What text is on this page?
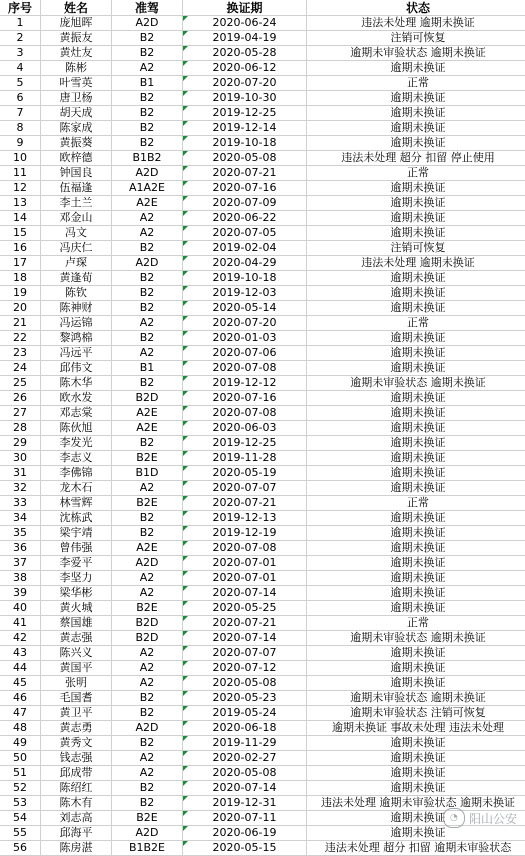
序号	姓名	准驾	换证期	状态
1	庞旭晖	A2D	2020-06-24	违法未处理 逾期未换证
2	黄振友	B2	2019-04-19	注销可恢复
3	黄灶友	B2	2020-05-28	逾期未审验状态 逾期未换证
4	陈彬	A2	2020-06-12	逾期未换证
5	叶雪英	B1	2020-07-20	正常
6	唐卫杨	B2	2019-10-30	逾期未换证
7	胡天成	B2	2019-12-25	逾期未换证
8	陈家成	B2	2019-12-14	逾期未换证
9	黄振葵	B2	2019-10-18	逾期未换证
10	欧梓德	B1B2	2020-05-08	违法未处理 超分 扣留 停止使用
11	钟国良	A2D	2020-07-21	正常
12	伍福逢	A1A2E	2020-07-16	逾期未换证
13	李土兰	A2E	2020-07-09	逾期未换证
14	邓金山	A2	2020-06-22	逾期未换证
15	冯文	A2	2020-07-05	逾期未换证
16	冯庆仁	B2	2019-02-04	注销可恢复
17	卢琛	A2D	2020-04-29	违法未处理 逾期未换证
18	黄逢荀	B2	2019-10-18	逾期未换证
19	陈钦	B2	2019-12-03	逾期未换证
20	陈神财	B2	2020-05-14	逾期未换证
21	冯运锦	A2	2020-07-20	正常
22	黎鸿棉	B2	2020-01-03	逾期未换证
23	冯远平	A2	2020-07-06	逾期未换证
24	邱伟文	B1	2020-07-08	逾期未换证
25	陈木华	B2	2019-12-12	逾期未审验状态 逾期未换证
26	欧水发	B2D	2020-07-16	逾期未换证
27	邓志棠	A2E	2020-07-08	逾期未换证
28	陈伙旭	A2E	2020-06-03	逾期未换证
29	李发光	B2	2019-12-25	逾期未换证
30	李志义	B2E	2019-11-28	逾期未换证
31	李佛锦	B1D	2020-05-19	逾期未换证
32	龙木石	A2	2020-07-07	逾期未换证
33	林雪辉	B2E	2020-07-21	正常
34	沈栋武	B2	2019-12-13	逾期未换证
35	梁宇靖	B2	2019-12-19	逾期未换证
36	曾伟强	A2E	2020-07-08	逾期未换证
37	李爱平	A2D	2020-07-01	逾期未换证
38	李坚力	A2	2020-07-01	逾期未换证
39	梁华彬	A2	2020-07-14	逾期未换证
40	黄火城	B2E	2020-05-25	逾期未换证
41	蔡国雄	B2D	2020-07-21	正常
42	黄志强	B2D	2020-07-14	逾期未审验状态 逾期未换证
43	陈兴义	A2	2020-07-07	逾期未换证
44	黄国平	A2	2020-07-12	逾期未换证
45	张明	A2	2020-05-08	逾期未换证
46	毛国耆	B2	2020-05-23	逾期未审验状态 逾期未换证
47	黄卫平	B2	2019-05-24	逾期未审验状态 注销可恢复
48	黄志勇	A2D	2020-06-18	逾期未换证 事故未处理 违法未处理
49	黄秀文	B2	2019-11-29	逾期未换证
50	钱志强	A2	2020-02-27	逾期未换证
51	邱成带	A2	2020-05-08	逾期未换证
52	陈绍红	B2	2020-07-14	逾期未换证
53	陈木有	B2	2019-12-31	违法未处理 逾期未审验状态 逾期未换证
54	刘志高	B2E	2020-07-11	逾期未换证
55	邱海平	A2D	2020-06-19	逾期未换证
56	陈房湛	B1B2E	2020-05-15	违法未处理 超分 扣留 逾期未审验状态
◔ 阳山公安
